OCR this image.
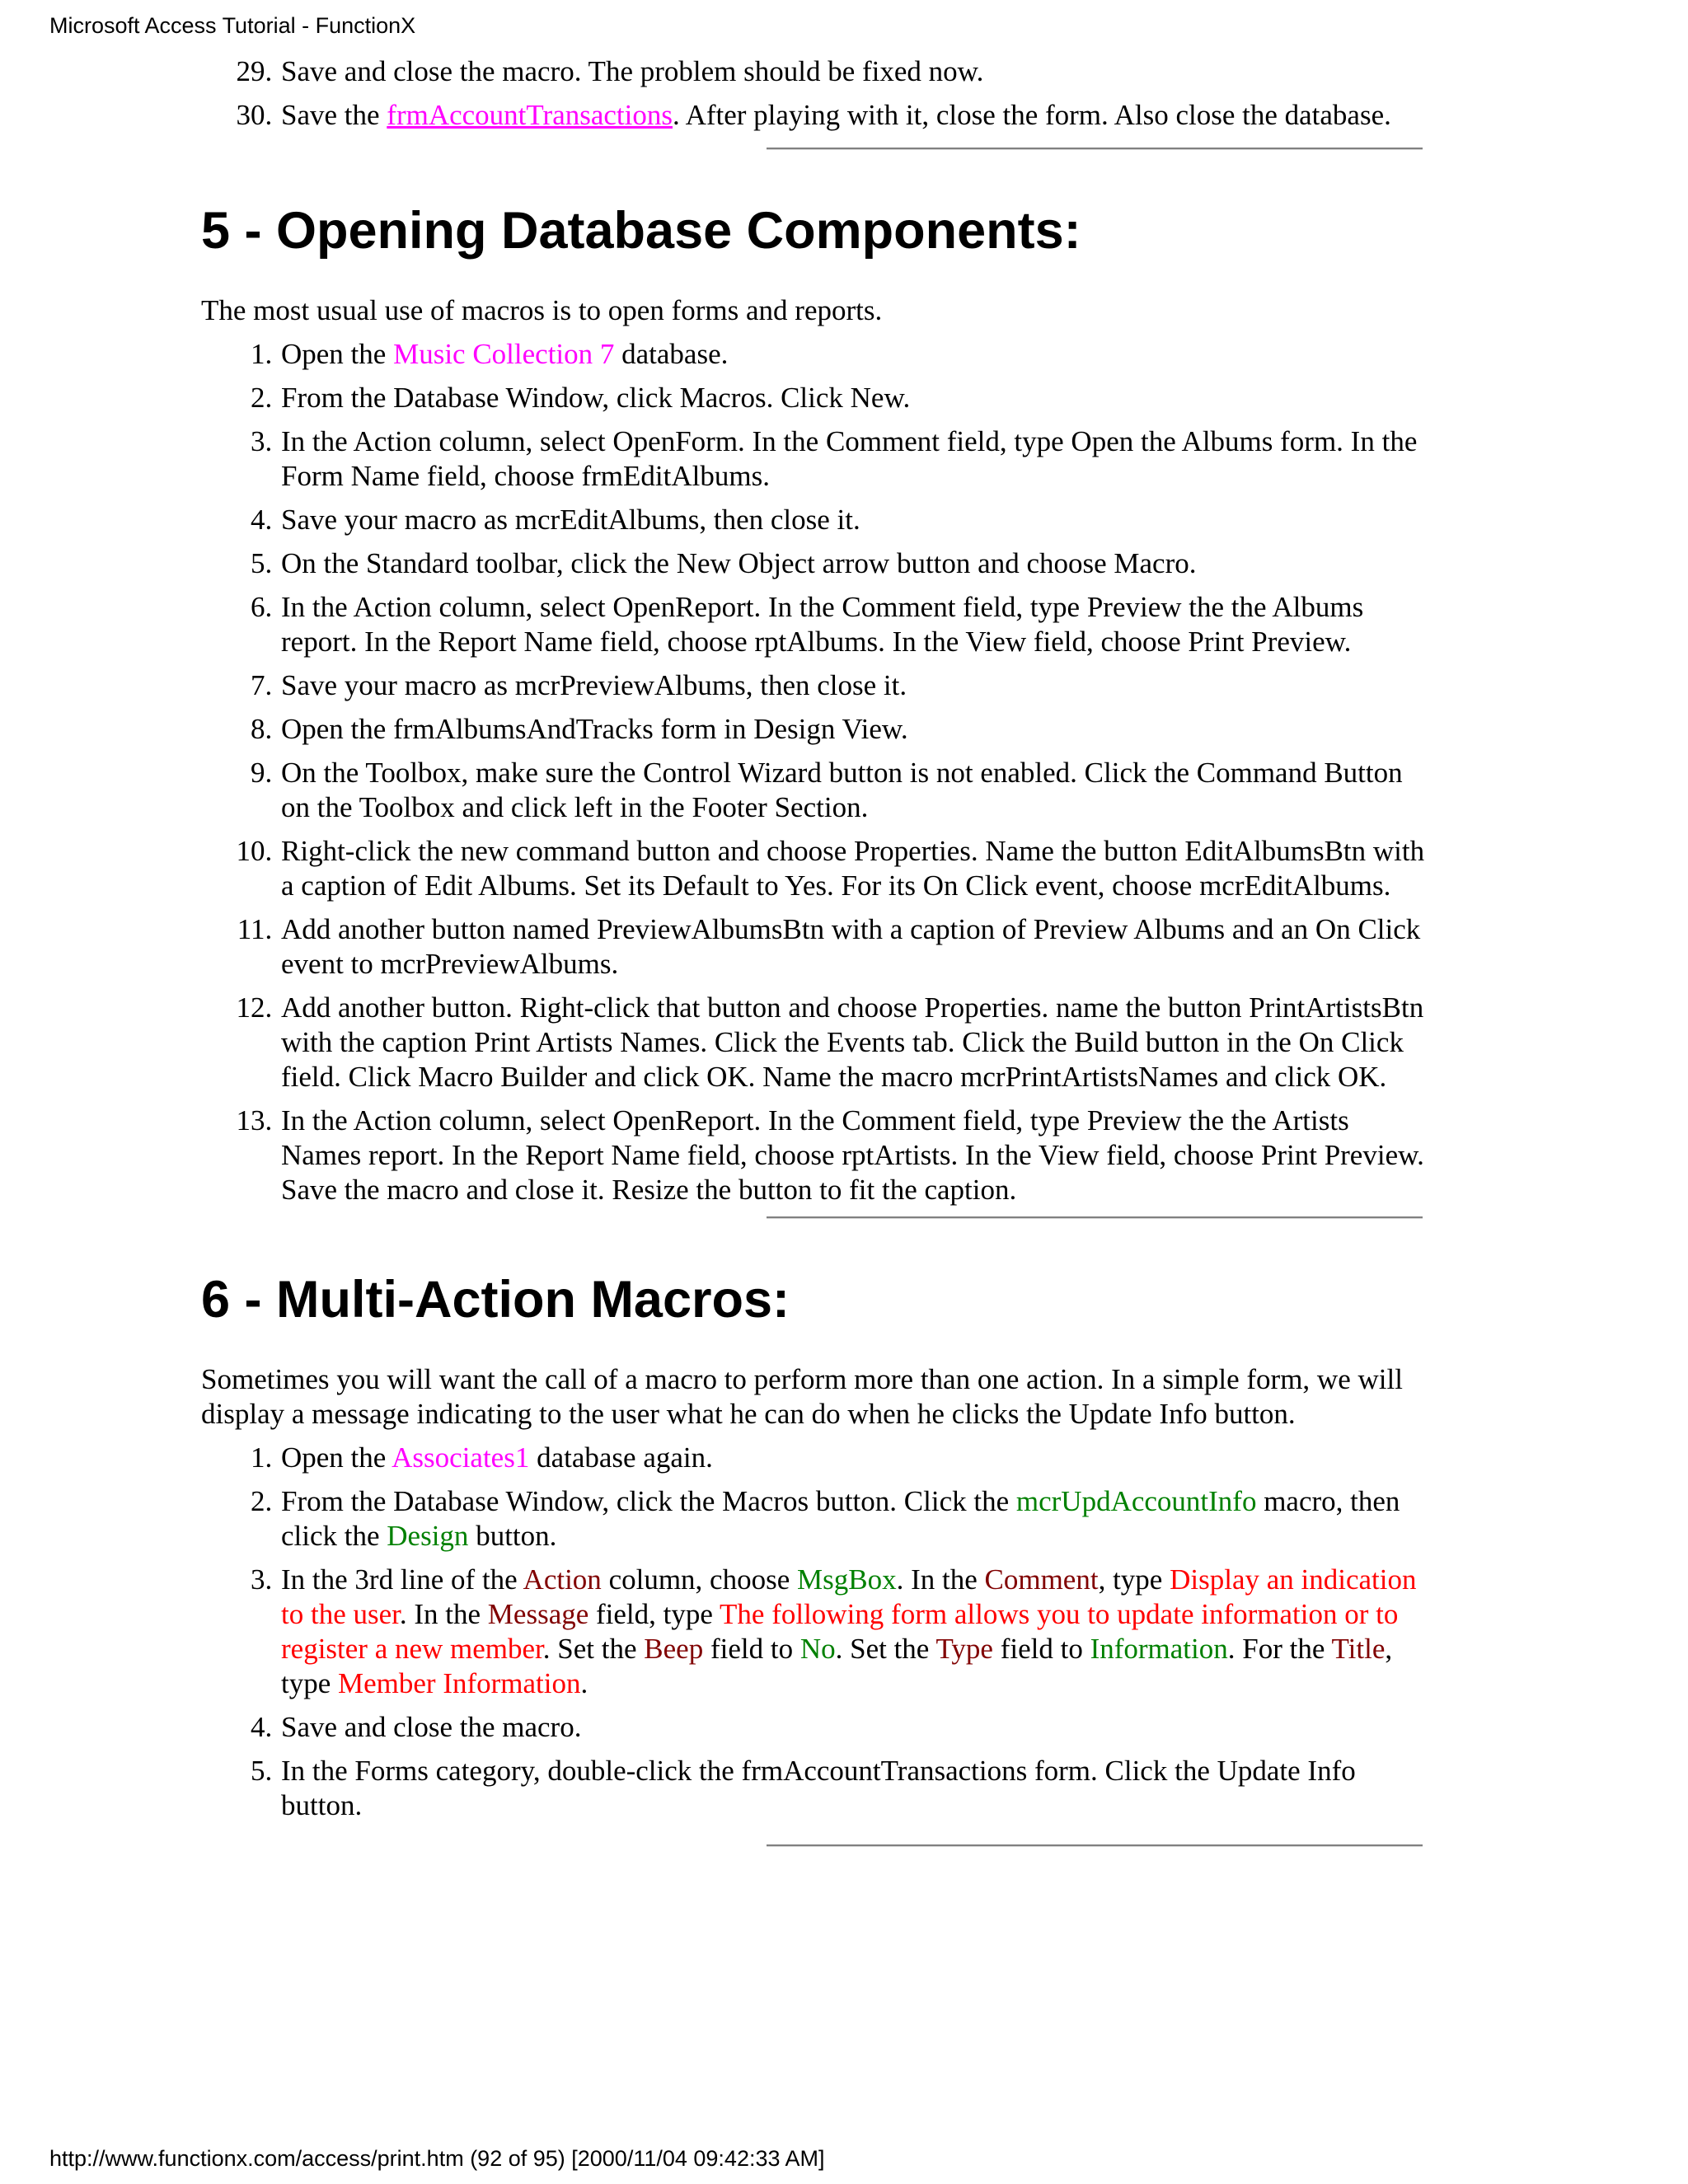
Microsoft Access Tutorial - FunctionX
29. Save and close the macro. The problem should be fixed now.
30. Save the frmAccountTransactions. After playing with it, close the form. Also close the database.
5 - Opening Database Components:
The most usual use of macros is to open forms and reports.
1. Open the Music Collection 7 database.
2. From the Database Window, click Macros. Click New.
3. In the Action column, select OpenForm. In the Comment field, type Open the Albums form. In the Form Name field, choose frmEditAlbums.
4. Save your macro as mcrEditAlbums, then close it.
5. On the Standard toolbar, click the New Object arrow button and choose Macro.
6. In the Action column, select OpenReport. In the Comment field, type Preview the the Albums report. In the Report Name field, choose rptAlbums. In the View field, choose Print Preview.
7. Save your macro as mcrPreviewAlbums, then close it.
8. Open the frmAlbumsAndTracks form in Design View.
9. On the Toolbox, make sure the Control Wizard button is not enabled. Click the Command Button on the Toolbox and click left in the Footer Section.
10. Right-click the new command button and choose Properties. Name the button EditAlbumsBtn with a caption of Edit Albums. Set its Default to Yes. For its On Click event, choose mcrEditAlbums.
11. Add another button named PreviewAlbumsBtn with a caption of Preview Albums and an On Click event to mcrPreviewAlbums.
12. Add another button. Right-click that button and choose Properties. name the button PrintArtistsBtn with the caption Print Artists Names. Click the Events tab. Click the Build button in the On Click field. Click Macro Builder and click OK. Name the macro mcrPrintArtistsNames and click OK.
13. In the Action column, select OpenReport. In the Comment field, type Preview the the Artists Names report. In the Report Name field, choose rptArtists. In the View field, choose Print Preview. Save the macro and close it. Resize the button to fit the caption.
6 - Multi-Action Macros:
Sometimes you will want the call of a macro to perform more than one action. In a simple form, we will display a message indicating to the user what he can do when he clicks the Update Info button.
1. Open the Associates1 database again.
2. From the Database Window, click the Macros button. Click the mcrUpdAccountInfo macro, then click the Design button.
3. In the 3rd line of the Action column, choose MsgBox. In the Comment, type Display an indication to the user. In the Message field, type The following form allows you to update information or to register a new member. Set the Beep field to No. Set the Type field to Information. For the Title, type Member Information.
4. Save and close the macro.
5. In the Forms category, double-click the frmAccountTransactions form. Click the Update Info button.
http://www.functionx.com/access/print.htm (92 of 95) [2000/11/04 09:42:33 AM]
